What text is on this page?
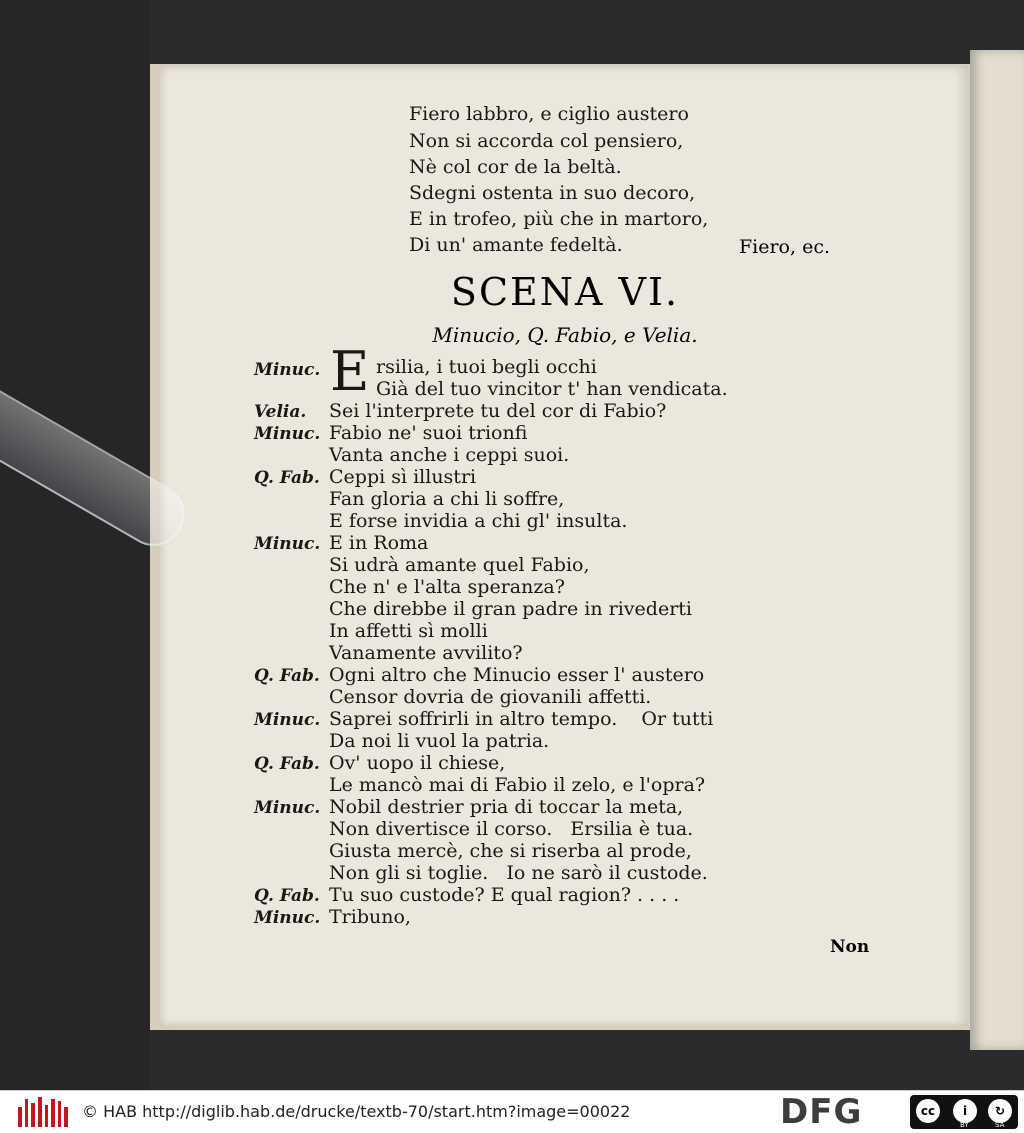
Fiero labbro, e ciglio austero
Non si accorda col pensiero,
Nè col cor de la beltà.
Sdegni ostenta in suo decoro,
E in trofeo, più che in martoro,
Di un' amante fedeltà.	Fiero, ec.
SCENA VI.
Minucio, Q. Fabio, e Velia.
Minuc. E rsilia, i tuoi begli occhi
Già del tuo vincitor t' han vendicata.
Velia. Sei l'interprete tu del cor di Fabio?
Minuc. Fabio ne' suoi trionfi
Vanta anche i ceppi suoi.
Q. Fab. Ceppi sì illustri
Fan gloria a chi li soffre,
E forse invidia a chi gl' insulta.
Minuc. E in Roma
Si udrà amante quel Fabio,
Che n' e l'alta speranza?
Che direbbe il gran padre in rivederti
In affetti sì molli
Vanamente avvilito?
Q. Fab. Ogni altro che Minucio esser l' austero
Censor dovria de giovanili affetti.
Minuc. Saprei soffrirli in altro tempo.    Or tutti
Da noi li vuol la patria.
Q. Fab. Ov' uopo il chiese,
Le mancò mai di Fabio il zelo, e l'opra?
Minuc. Nobil destrier pria di toccar la meta,
Non divertisce il corso.   Ersilia è tua.
Giusta mercè, che si riserba al prode,
Non gli si toglie.   Io ne sarò il custode.
Q. Fab. Tu suo custode? E qual ragion? . . . .
Minuc. Tribuno,
Non
© HAB http://diglib.hab.de/drucke/textb-70/start.htm?image=00022	DFG	cc	i	↻
BY	SA
